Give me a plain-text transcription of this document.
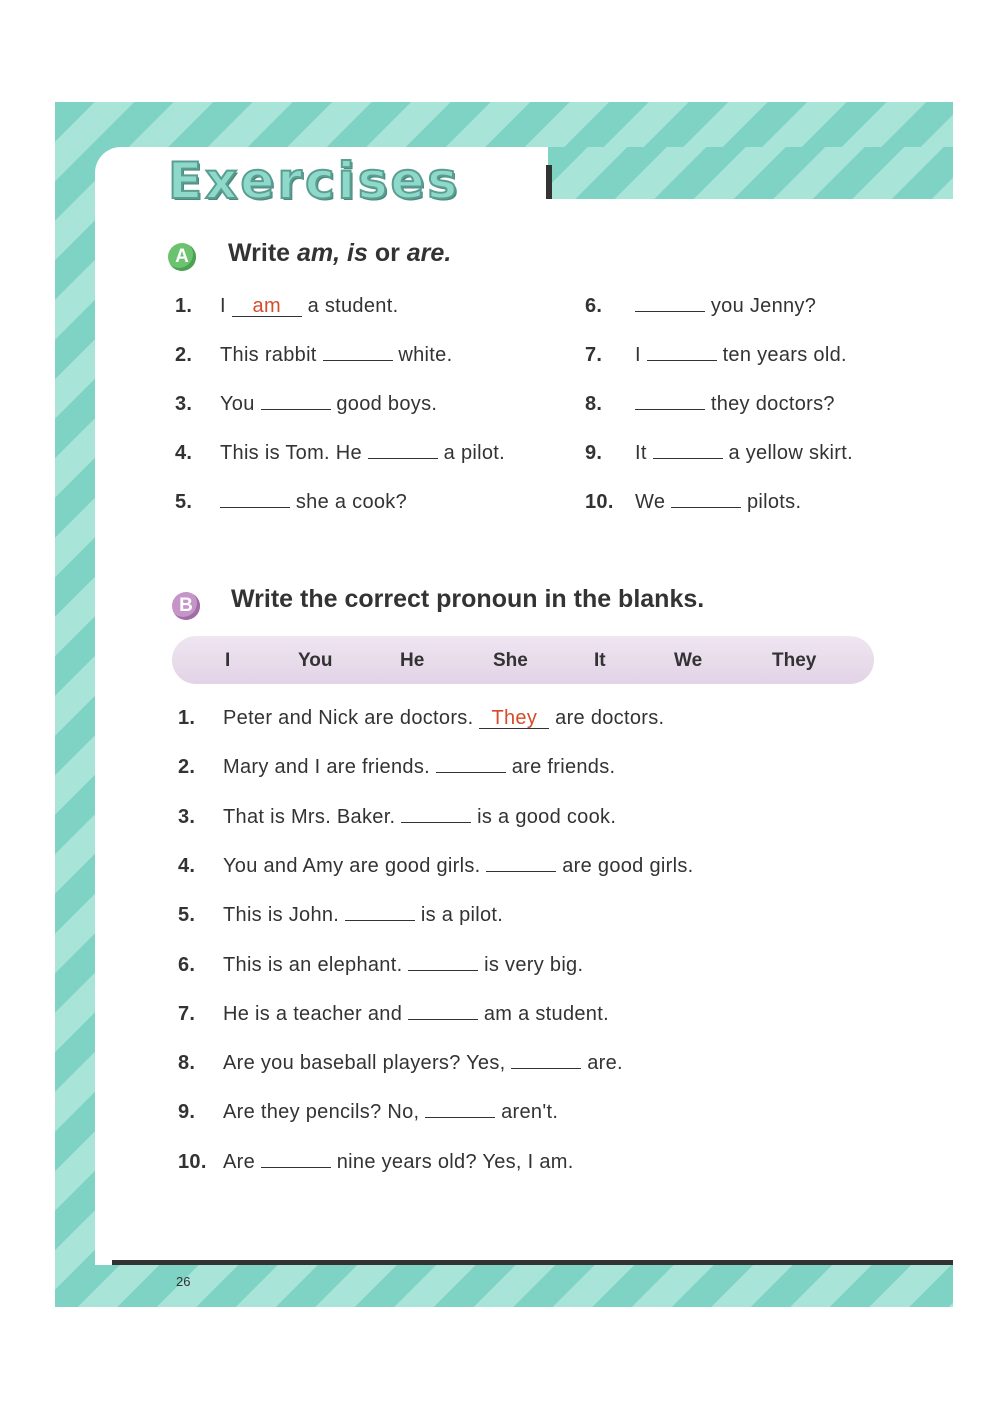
Exercises
A Write am, is or are.
1. I am a student.
2. This rabbit	white.
3. You	good boys.
4. This is Tom. He	a pilot.
5.	she a cook?
6.	you Jenny?
7. I	ten years old.
8.	they doctors?
9. It	a yellow skirt.
10. We	pilots.
B Write the correct pronoun in the blanks.
I	You	He	She	It	We	They
1. Peter and Nick are doctors. They are doctors.
2. Mary and I are friends.	are friends.
3. That is Mrs. Baker.	is a good cook.
4. You and Amy are good girls.	are good girls.
5. This is John.	is a pilot.
6. This is an elephant.	is very big.
7. He is a teacher and	am a student.
8. Are you baseball players? Yes,	are.
9. Are they pencils? No,	aren't.
10. Are	nine years old? Yes, I am.
26
